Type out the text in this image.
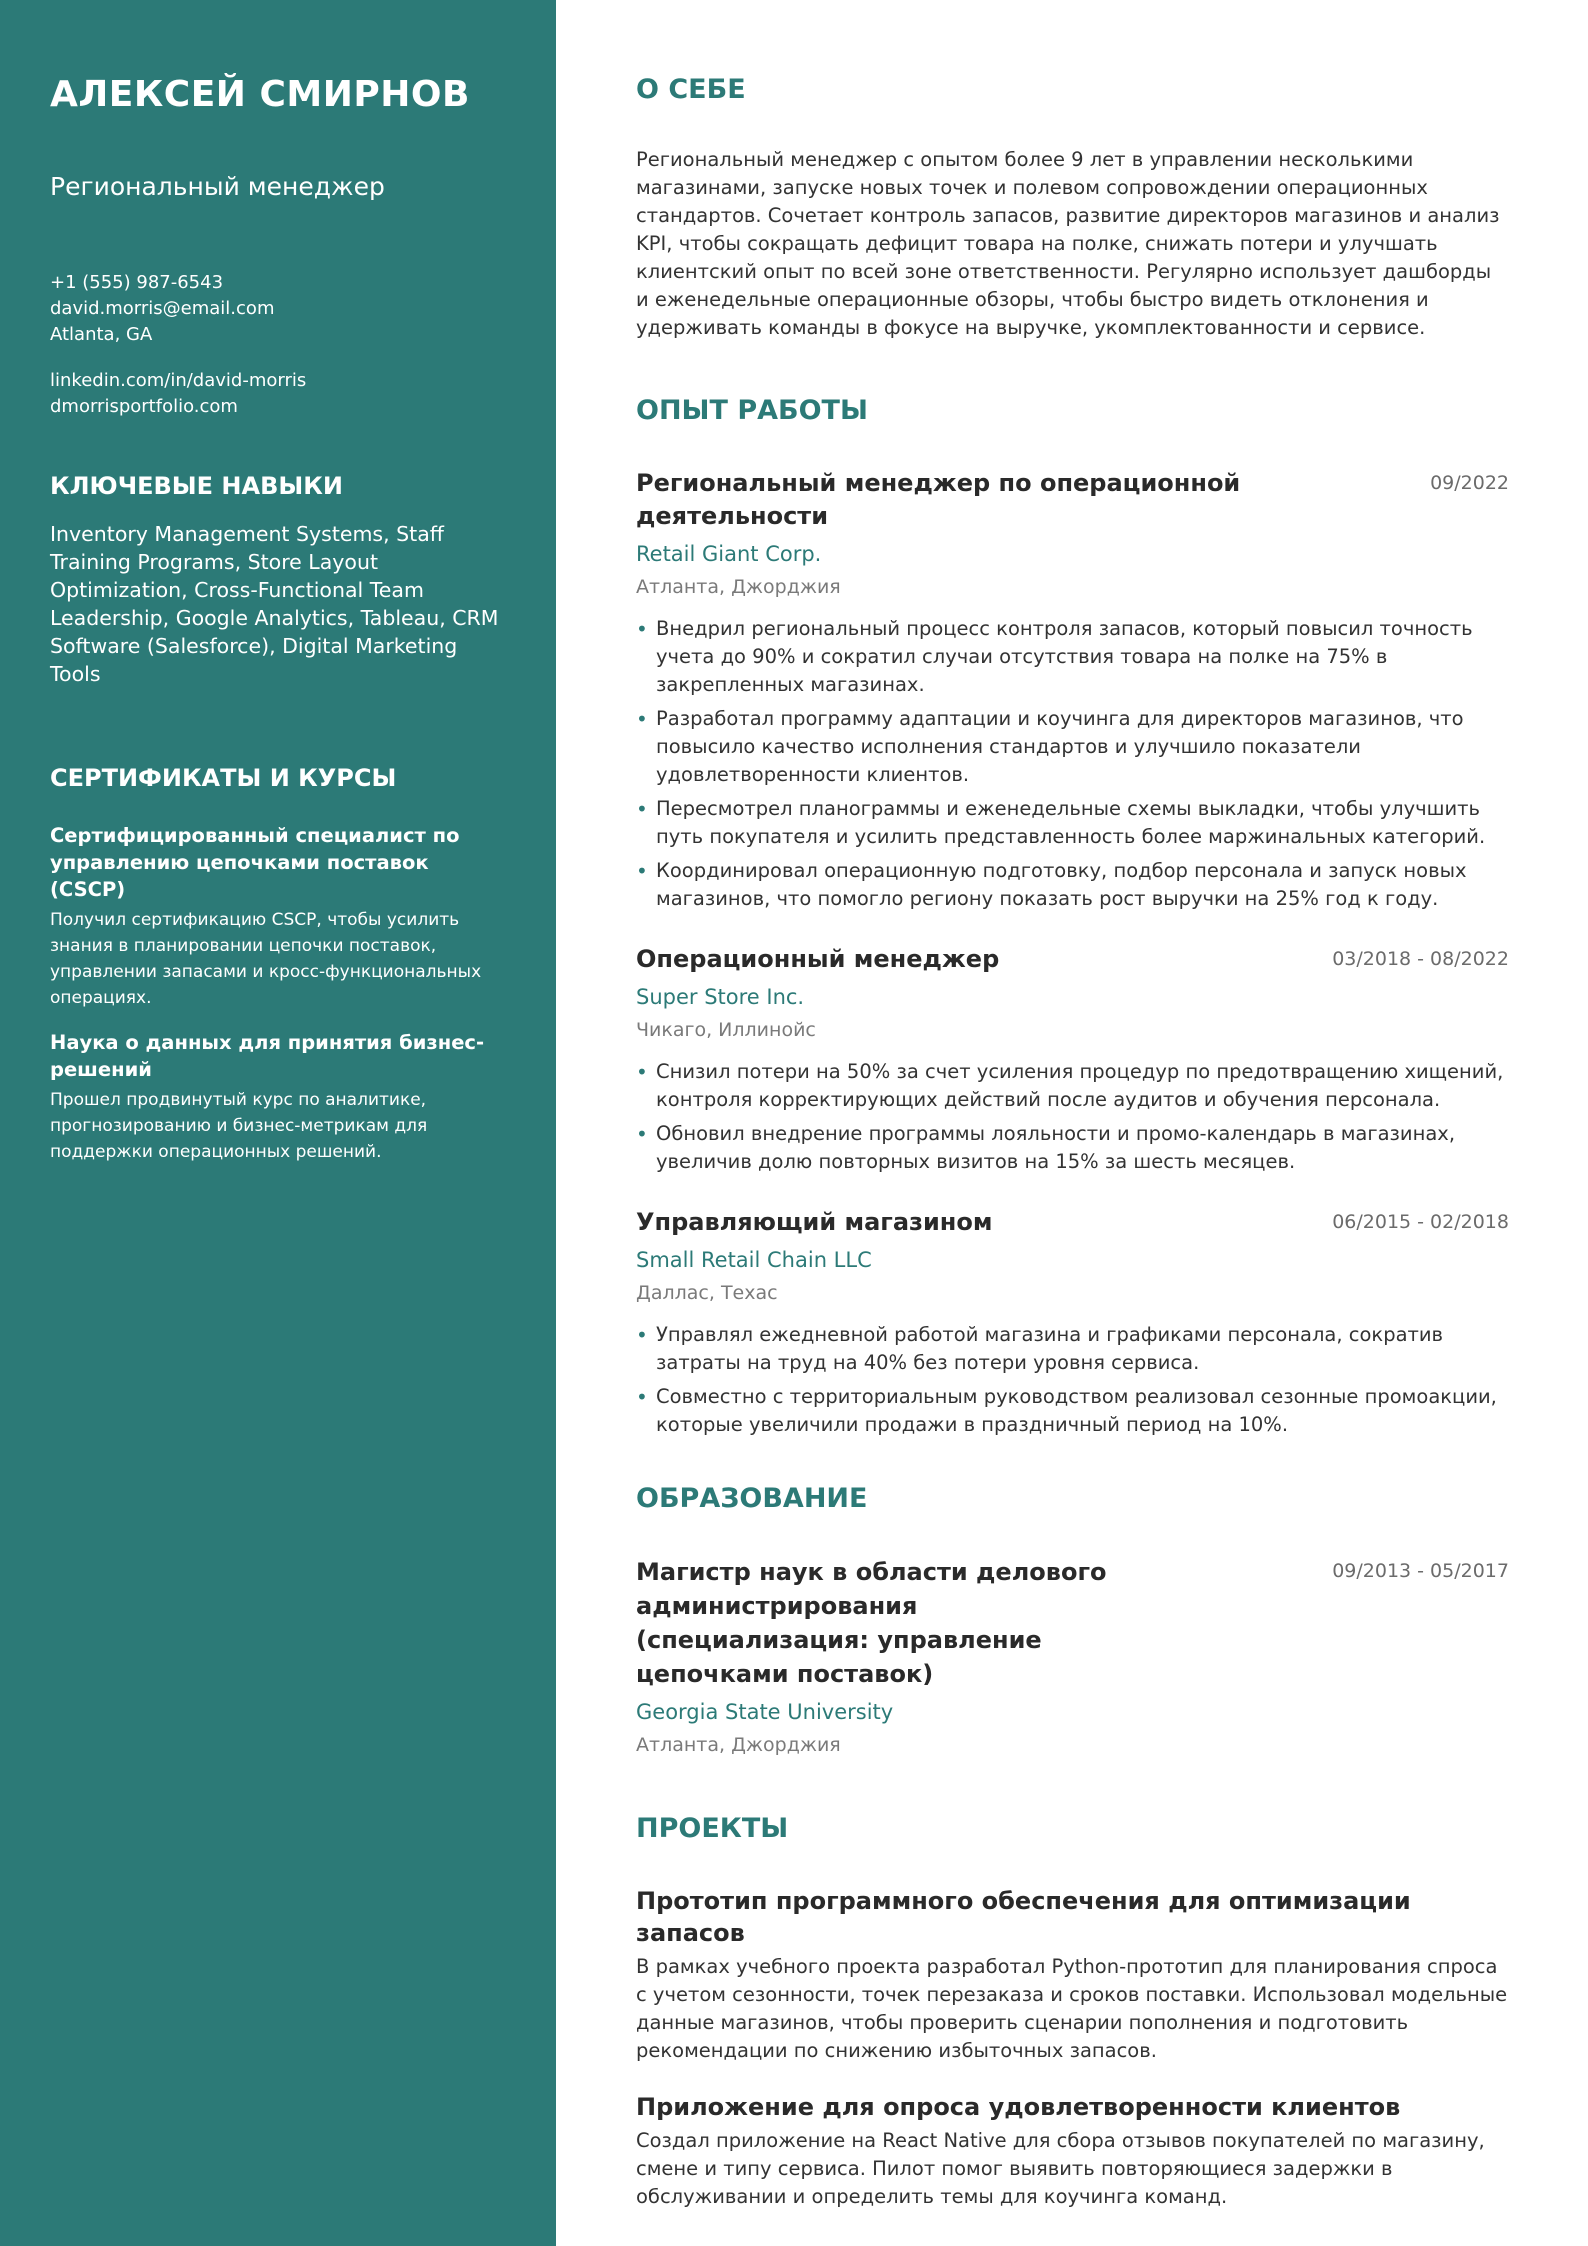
АЛЕКСЕЙ СМИРНОВ
Региональный менеджер
+1 (555) 987-6543
david.morris@email.com
Atlanta, GA
linkedin.com/in/david-morris
dmorrisportfolio.com
КЛЮЧЕВЫЕ НАВЫКИ

Inventory Management Systems, Staff Training Programs, Store Layout Optimization, Cross-Functional Team Leadership, Google Analytics, Tableau, CRM Software (Salesforce), Digital Marketing Tools

СЕРТИФИКАТЫ И КУРСЫ
Сертифицированный специалист по управлению цепочками поставок (CSCP)
Получил сертификацию CSCP, чтобы усилить знания в планировании цепочки поставок, управлении запасами и кросс-функциональных операциях.
Наука о данных для принятия бизнес-решений
Прошел продвинутый курс по аналитике, прогнозированию и бизнес-метрикам для поддержки операционных решений.
О СЕБЕ

Региональный менеджер с опытом более 9 лет в управлении несколькими магазинами, запуске новых точек и полевом сопровождении операционных стандартов. Сочетает контроль запасов, развитие директоров магазинов и анализ KPI, чтобы сокращать дефицит товара на полке, снижать потери и улучшать клиентский опыт по всей зоне ответственности. Регулярно использует дашборды и еженедельные операционные обзоры, чтобы быстро видеть отклонения и удерживать команды в фокусе на выручке, укомплектованности и сервисе.

ОПЫТ РАБОТЫ
Региональный менеджер по операционной деятельности
09/2022
Retail Giant Corp.
Атланта, Джорджия
• Внедрил региональный процесс контроля запасов, который повысил точность учета до 90% и сократил случаи отсутствия товара на полке на 75% в закрепленных магазинах.
• Разработал программу адаптации и коучинга для директоров магазинов, что повысило качество исполнения стандартов и улучшило показатели удовлетворенности клиентов.
• Пересмотрел планограммы и еженедельные схемы выкладки, чтобы улучшить путь покупателя и усилить представленность более маржинальных категорий.
• Координировал операционную подготовку, подбор персонала и запуск новых магазинов, что помогло региону показать рост выручки на 25% год к году.
Операционный менеджер	03/2018 - 08/2022
Super Store Inc.
Чикаго, Иллинойс
• Снизил потери на 50% за счет усиления процедур по предотвращению хищений, контроля корректирующих действий после аудитов и обучения персонала.
• Обновил внедрение программы лояльности и промо-календарь в магазинах, увеличив долю повторных визитов на 15% за шесть месяцев.
Управляющий магазином	06/2015 - 02/2018
Small Retail Chain LLC
Даллас, Техас
• Управлял ежедневной работой магазина и графиками персонала, сократив затраты на труд на 40% без потери уровня сервиса.
• Совместно с территориальным руководством реализовал сезонные промоакции, которые увеличили продажи в праздничный период на 10%.
ОБРАЗОВАНИЕ
Магистр наук в области делового администрирования (специализация: управление цепочками поставок)
09/2013 - 05/2017
Georgia State University
Атланта, Джорджия
ПРОЕКТЫ
Прототип программного обеспечения для оптимизации запасов

В рамках учебного проекта разработал Python-прототип для планирования спроса с учетом сезонности, точек перезаказа и сроков поставки. Использовал модельные данные магазинов, чтобы проверить сценарии пополнения и подготовить рекомендации по снижению избыточных запасов.

Приложение для опроса удовлетворенности клиентов

Создал приложение на React Native для сбора отзывов покупателей по магазину, смене и типу сервиса. Пилот помог выявить повторяющиеся задержки в обслуживании и определить темы для коучинга команд.
